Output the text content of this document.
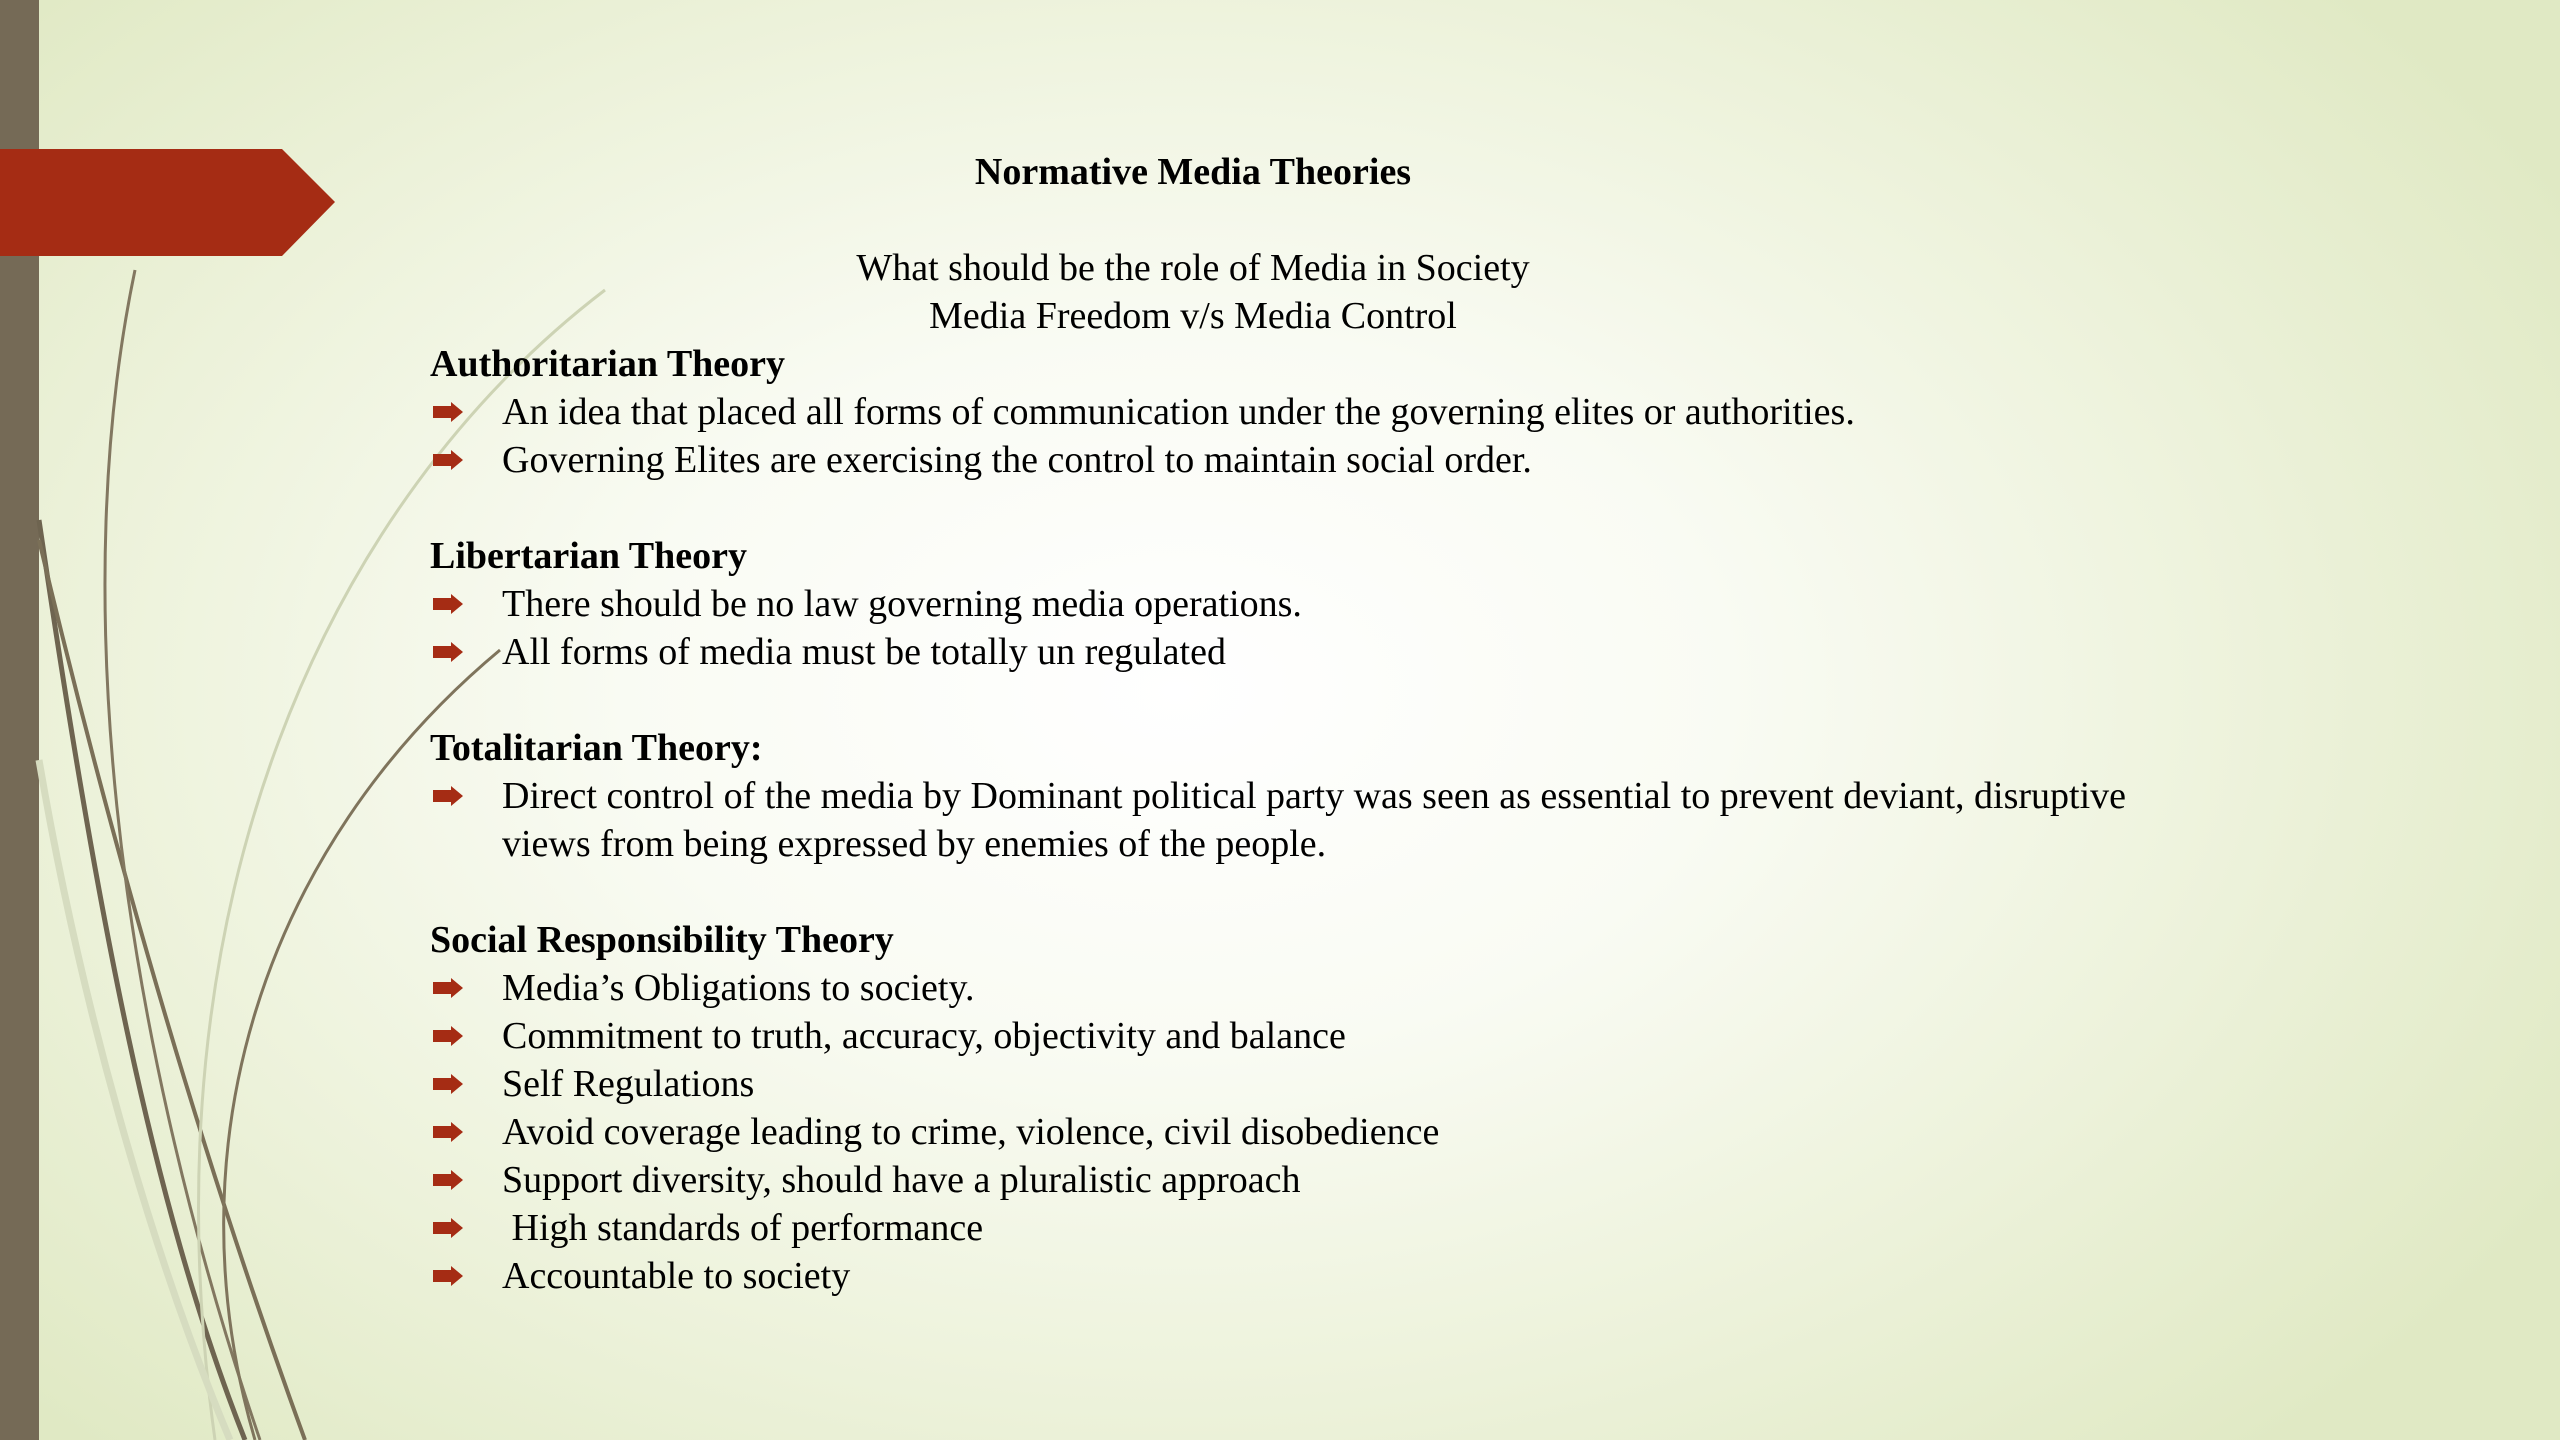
Normative Media Theories
What should be the role of Media in Society
Media Freedom v/s Media Control
Authoritarian Theory
An idea that placed all forms of communication under the governing elites or authorities.
Governing Elites are exercising the control to maintain social order.
Libertarian Theory
There should be no law governing media operations.
All forms of media must be totally un regulated
Totalitarian Theory:
Direct control of the media by Dominant political party was seen as essential to prevent deviant, disruptive views from being expressed by enemies of the people.
Social Responsibility Theory
Media’s Obligations to society.
Commitment to truth, accuracy, objectivity and balance
Self Regulations
Avoid coverage leading to crime, violence, civil disobedience
Support diversity, should have a pluralistic approach
High standards of performance
Accountable to society
